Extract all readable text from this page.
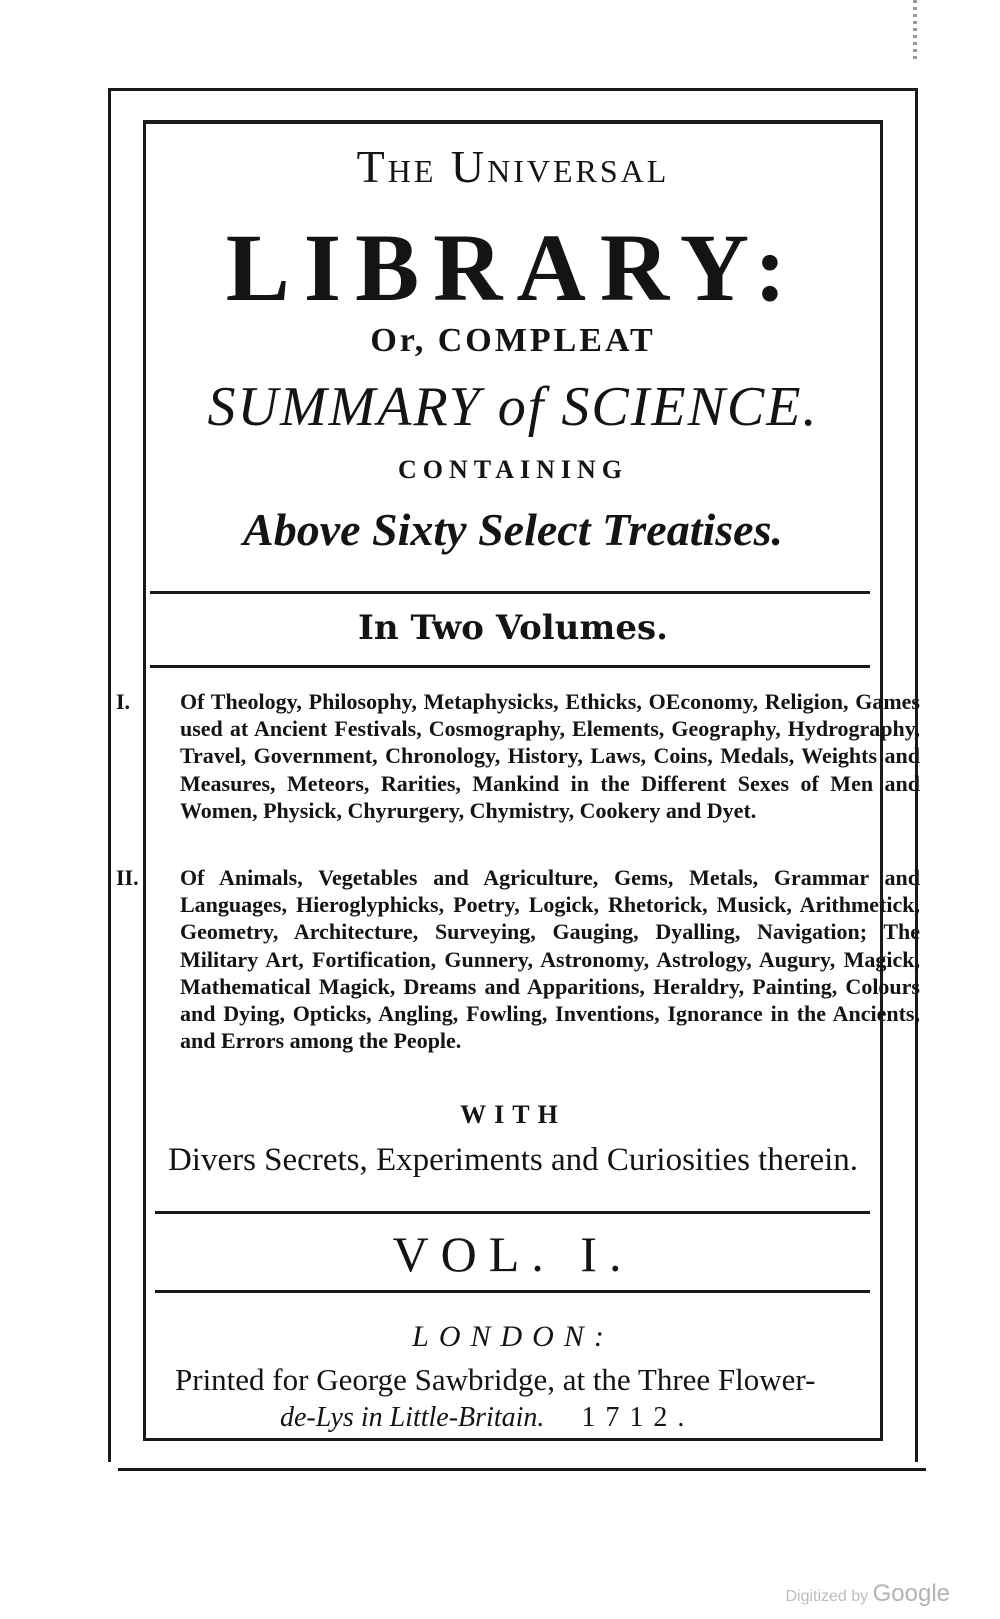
The Universal
LIBRARY:
Or, COMPLEAT
SUMMARY of SCIENCE.
CONTAINING
Above Sixty Select Treatises.
In Two Volumes.
I. Of Theology, Philosophy, Metaphysicks, Ethicks, OEconomy, Religion, Games used at Ancient Festivals, Cosmography, Elements, Geography, Hydrography, Travel, Government, Chronology, History, Laws, Coins, Medals, Weights and Measures, Meteors, Rarities, Mankind in the Different Sexes of Men and Women, Physick, Chyrurgery, Chymistry, Cookery and Dyet.
II. Of Animals, Vegetables and Agriculture, Gems, Metals, Grammar and Languages, Hieroglyphicks, Poetry, Logick, Rhetorick, Musick, Arithmetick, Geometry, Architecture, Surveying, Gauging, Dyalling, Navigation; The Military Art, Fortification, Gunnery, Astronomy, Astrology, Augury, Magick, Mathematical Magick, Dreams and Apparitions, Heraldry, Painting, Colours and Dying, Opticks, Angling, Fowling, Inventions, Ignorance in the Ancients, and Errors among the People.
WITH
Divers Secrets, Experiments and Curiosities therein.
VOL. I.
LONDON:
Printed for George Sawbridge, at the Three Flower-
de-Lys in Little-Britain. 1712.
Digitized by Google
